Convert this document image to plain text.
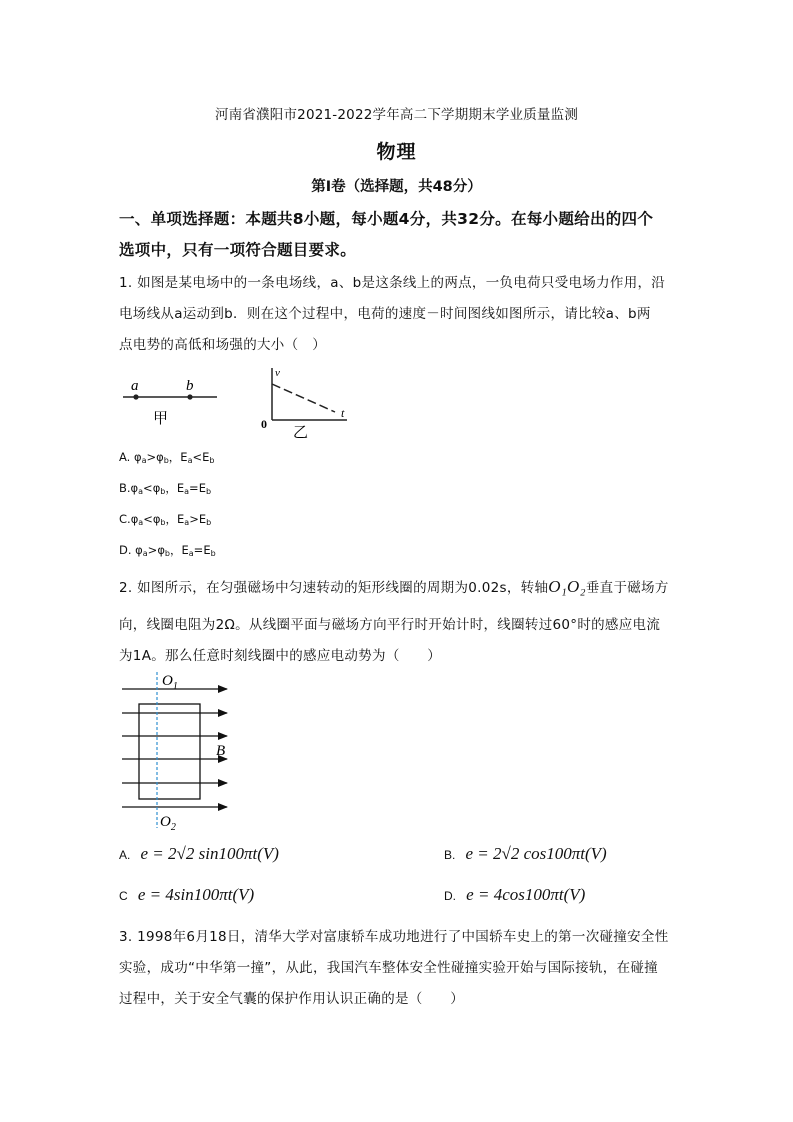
河南省濮阳市2021-2022学年高二下学期期末学业质量监测
物理
第Ⅰ卷（选择题，共48分）
一、单项选择题：本题共8小题，每小题4分，共32分。在每小题给出的四个
选项中，只有一项符合题目要求。
1. 如图是某电场中的一条电场线，a、b是这条线上的两点，一负电荷只受电场力作用，沿
电场线从a运动到b．则在这个过程中，电荷的速度－时间图线如图所示，请比较a、b两
点电势的高低和场强的大小（　）
a	b
甲
v
t
0
乙
A. $\varphi_a>\varphi_b$，$E_a<E_b$
$B.\varphi_a<\varphi_b$，$E_a=E_b$
$C.\varphi_a<\varphi_b$，$E_a>E_b$
D. $\varphi_a>\varphi_b$，$E_a=E_b$
2. 如图所示，在匀强磁场中匀速转动的矩形线圈的周期为0.02s，转轴O₁O₂垂直于磁场方
向，线圈电阻为2Ω。从线圈平面与磁场方向平行时开始计时，线圈转过60°时的感应电流
为1A。那么任意时刻线圈中的感应电动势为（　　）
$O_1$
$O_2$
B
A. e = 2√2 sin100πt(V)	B. e = 2√2 cos100πt(V)
C e = 4sin100πt(V)	D. e = 4cos100πt(V)
3. 1998年6月18日，清华大学对富康轿车成功地进行了中国轿车史上的第一次碰撞安全性
实验，成功“中华第一撞”，从此，我国汽车整体安全性碰撞实验开始与国际接轨，在碰撞
过程中，关于安全气囊的保护作用认识正确的是（　　）
